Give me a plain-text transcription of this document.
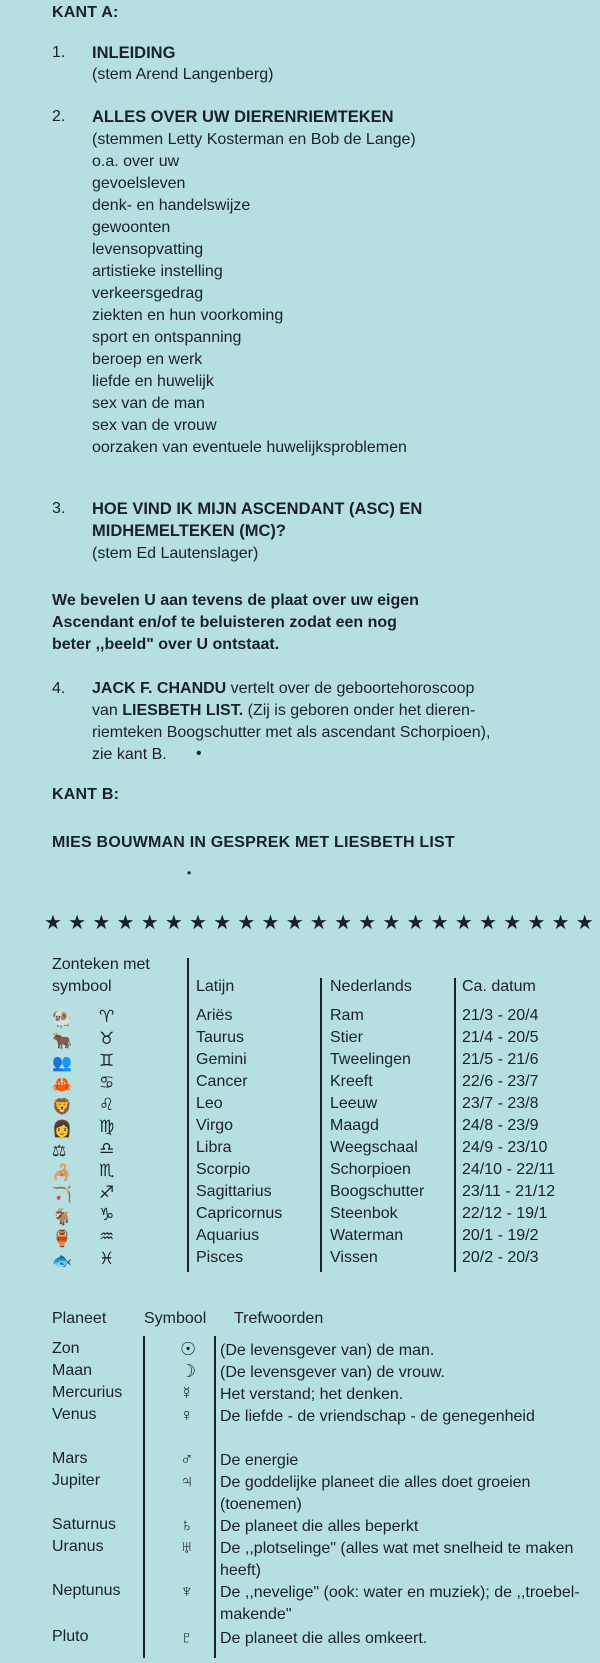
KANT A:
1. INLEIDING
(stem Arend Langenberg)
2. ALLES OVER UW DIERENRIEMTEKEN
(stemmen Letty Kosterman en Bob de Lange)
o.a. over uw
gevoelsleven
denk- en handelswijze
gewoonten
levensopvatting
artistieke instelling
verkeersgedrag
ziekten en hun voorkoming
sport en ontspanning
beroep en werk
liefde en huwelijk
sex van de man
sex van de vrouw
oorzaken van eventuele huwelijksproblemen
3. HOE VIND IK MIJN ASCENDANT (ASC) EN
MIDHEMELTEKEN (MC)?
(stem Ed Lautenslager)
We bevelen U aan tevens de plaat over uw eigen
Ascendant en/of te beluisteren zodat een nog
beter ,,beeld" over U ontstaat.
4. JACK F. CHANDU vertelt over de geboortehoroscoop
van LIESBETH LIST. (Zij is geboren onder het dieren-
riemteken Boogschutter met als ascendant Schorpioen),
zie kant B. •
KANT B:
MIES BOUWMAN IN GESPREK MET LIESBETH LIST
•
★ ★ ★ ★ ★ ★ ★ ★ ★ ★ ★ ★ ★ ★ ★ ★ ★ ★ ★ ★ ★ ★ ★
Zonteken met
symbool	Latijn	Nederlands	Ca. datum
🐏 ♈	Ariës	Ram	21/3 - 20/4
🐂 ♉	Taurus	Stier	21/4 - 20/5
👥 ♊	Gemini	Tweelingen	21/5 - 21/6
🦀 ♋	Cancer	Kreeft	22/6 - 23/7
🦁 ♌	Leo	Leeuw	23/7 - 23/8
👩 ♍	Virgo	Maagd	24/8 - 23/9
⚖ ♎	Libra	Weegschaal	24/9 - 23/10
🦂 ♏	Scorpio	Schorpioen	24/10 - 22/11
🏹 ♐	Sagittarius	Boogschutter 23/11 - 21/12
🐐 ♑	Capricornus	Steenbok	22/12 - 19/1
🏺 ♒	Aquarius	Waterman	20/1 - 19/2
🐟 ♓	Pisces	Vissen	20/2 - 20/3
Planeet Symbool Trefwoorden
Zon	☉ (De levensgever van) de man.
Maan	☽ (De levensgever van) de vrouw.
Mercurius	☿ Het verstand; het denken.
Venus	♀ De liefde - de vriendschap - de genegenheid
Mars	♂ De energie
Jupiter	♃ De goddelijke planeet die alles doet groeien (toenemen)
Saturnus	♄ De planeet die alles beperkt
Uranus	♅ De ,,plotselinge" (alles wat met snelheid te maken heeft)
Neptunus	♆ De ,,nevelige" (ook: water en muziek); de ,,troebel-makende"
Pluto	♇ De planeet die alles omkeert.
